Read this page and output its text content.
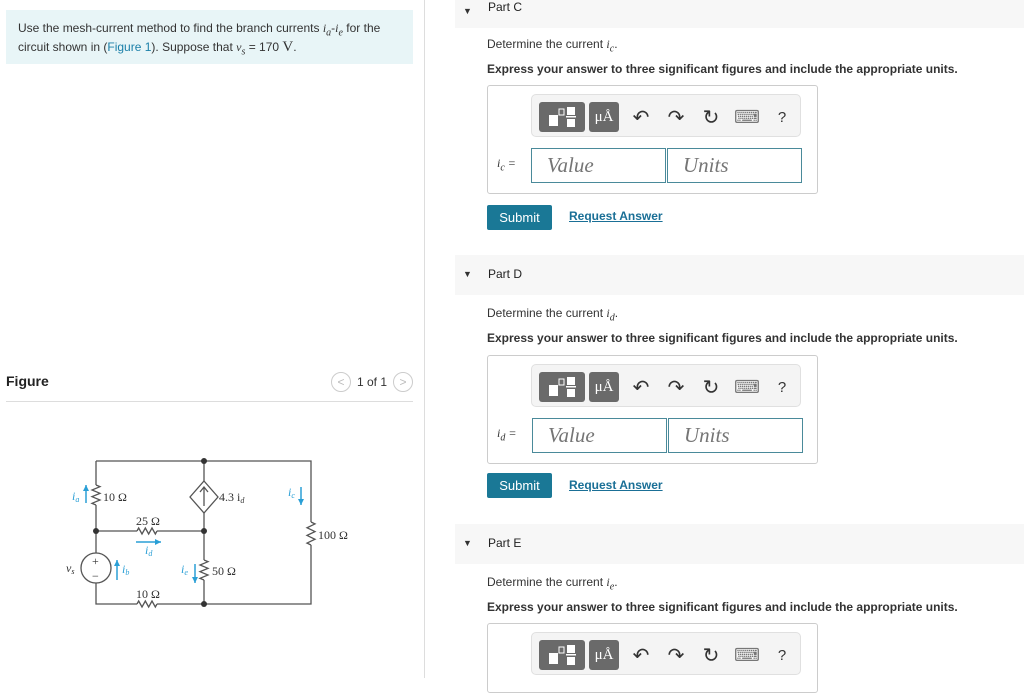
Use the mesh-current method to find the branch currents $i_a-i_e$ for the circuit shown in (Figure 1). Suppose that $v_s = 170$ V.
Figure	<	1 of 1	>
10 Ω
25 Ω
100 Ω
50 Ω
10 Ω
4.3 id
ia
ib
ic
id
ie
vs
+
−
▼ Part C
Determine the current $i_c$.
Express your answer to three significant figures and include the appropriate units.
μÅ ↶ ↷ ↻ ⌨	?
$i_c$ =
Value
Units
Submit	Request Answer
▼ Part D
Determine the current $i_d$.
Express your answer to three significant figures and include the appropriate units.
μÅ ↶ ↷ ↻ ⌨	?
$i_d$ =
Value
Units
Submit	Request Answer
▼ Part E
Determine the current $i_e$.
Express your answer to three significant figures and include the appropriate units.
μÅ ↶ ↷ ↻ ⌨	?
